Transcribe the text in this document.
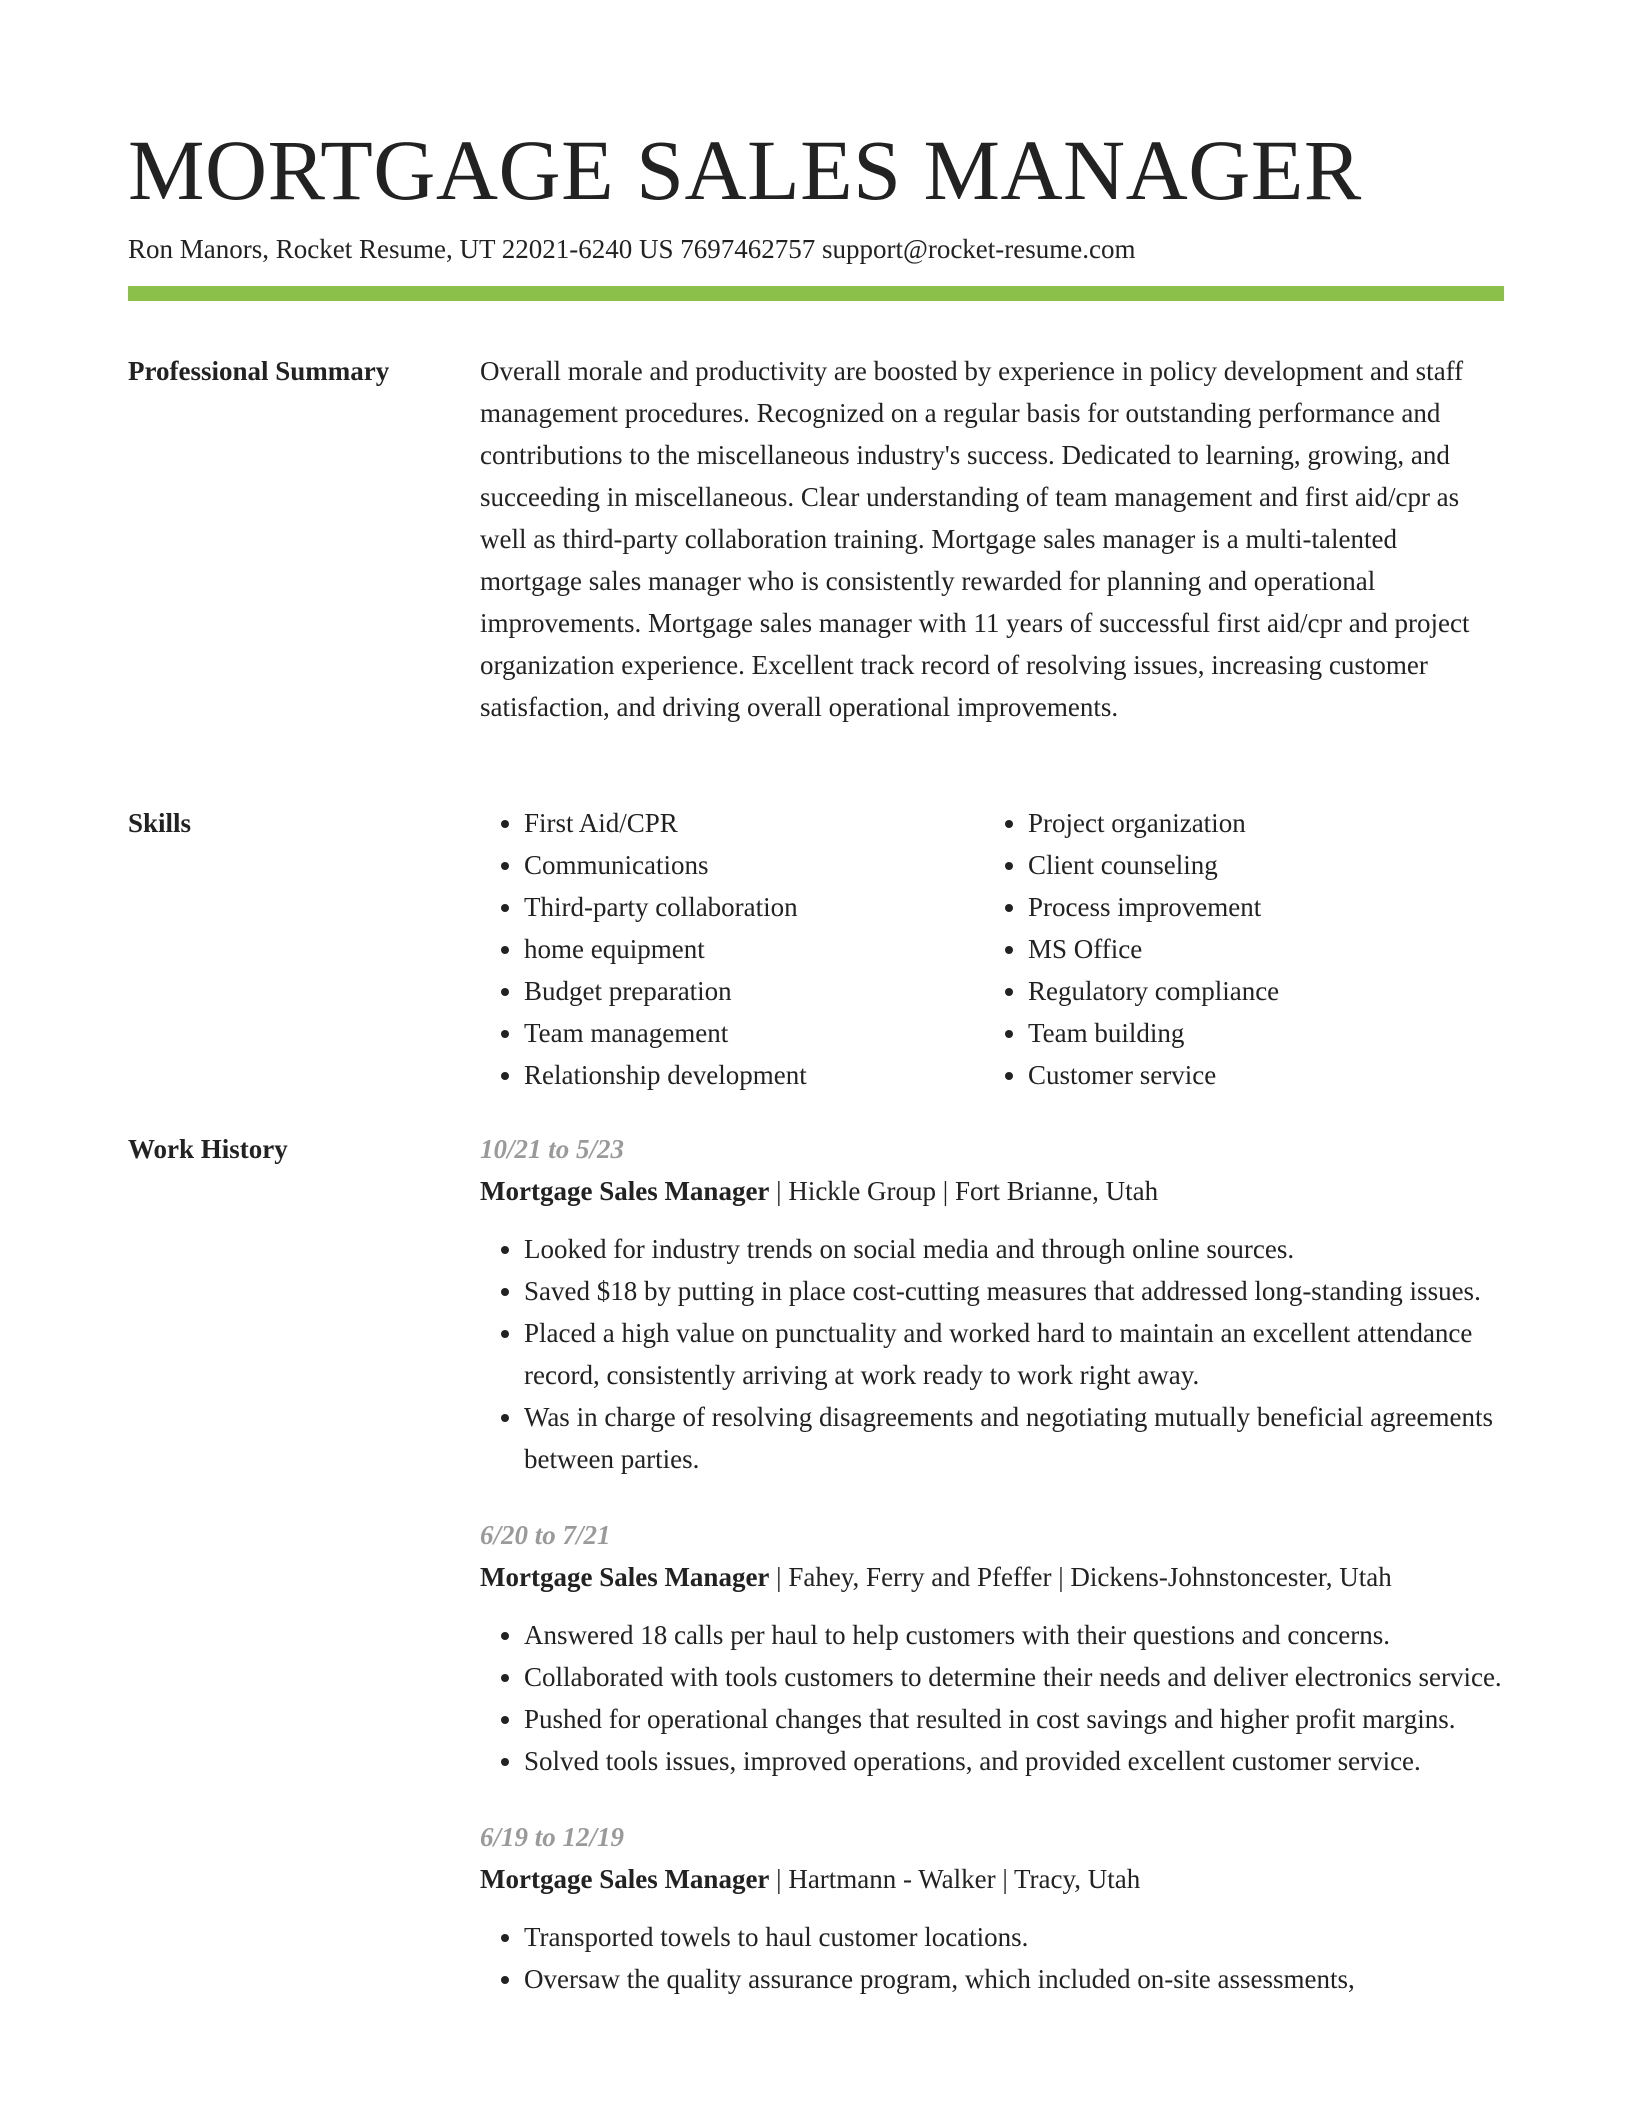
MORTGAGE SALES MANAGER
Ron Manors, Rocket Resume, UT 22021-6240 US 7697462757 support@rocket-resume.com
Professional Summary	Overall morale and productivity are boosted by experience in policy development and staff management procedures. Recognized on a regular basis for outstanding performance and contributions to the miscellaneous industry's success. Dedicated to learning, growing, and succeeding in miscellaneous. Clear understanding of team management and first aid/cpr as well as third-party collaboration training. Mortgage sales manager is a multi-talented mortgage sales manager who is consistently rewarded for planning and operational improvements. Mortgage sales manager with 11 years of successful first aid/cpr and project organization experience. Excellent track record of resolving issues, increasing customer satisfaction, and driving overall operational improvements.

Skills
•	First Aid/CPR
• Communications
• Third-party collaboration
• home equipment
• Budget preparation
• Team management
• Relationship development
• Project organization
• Client counseling
• Process improvement
• MS Office
• Regulatory compliance
• Team building
• Customer service
Work History	10/21 to 5/23
Mortgage Sales Manager | Hickle Group | Fort Brianne, Utah
• Looked for industry trends on social media and through online sources.
• Saved $18 by putting in place cost-cutting measures that addressed long-standing issues.
• Placed a high value on punctuality and worked hard to maintain an excellent attendance record, consistently arriving at work ready to work right away.
• Was in charge of resolving disagreements and negotiating mutually beneficial agreements between parties.
6/20 to 7/21
Mortgage Sales Manager | Fahey, Ferry and Pfeffer | Dickens-Johnstoncester, Utah
• Answered 18 calls per haul to help customers with their questions and concerns.
• Collaborated with tools customers to determine their needs and deliver electronics service.
• Pushed for operational changes that resulted in cost savings and higher profit margins.
• Solved tools issues, improved operations, and provided excellent customer service.
6/19 to 12/19
Mortgage Sales Manager | Hartmann - Walker | Tracy, Utah
• Transported towels to haul customer locations.
• Oversaw the quality assurance program, which included on-site assessments,
